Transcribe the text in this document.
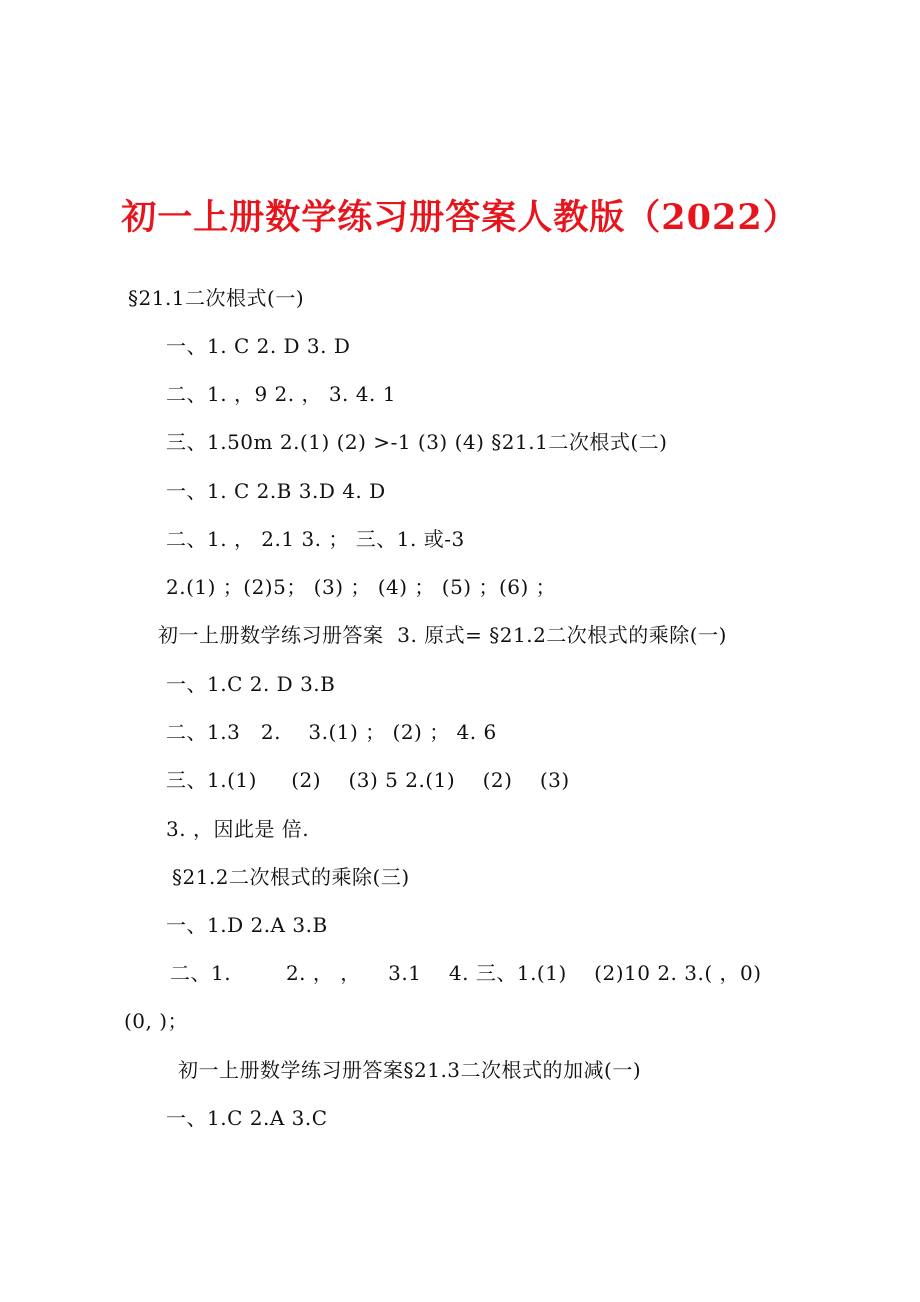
初一上册数学练习册答案人教版（2022）
§21.1二次根式(一)
一、1. C 2. D 3. D
二、1. ，9 2. ， 3. 4. 1
三、1.50m 2.(1) (2) >-1 (3) (4) §21.1二次根式(二)
一、1. C 2.B 3.D 4. D
二、1. ， 2.1 3. ； 三、1. 或-3
2.(1) ；(2)5； (3) ； (4) ； (5) ；(6) ；
初一上册数学练习册答案  3. 原式= §21.2二次根式的乘除(一)
一、1.C 2. D 3.B
二、1.3   2.    3.(1) ； (2) ； 4. 6
三、1.(1)     (2)    (3) 5 2.(1)    (2)    (3)
3. ，因此是 倍.
§21.2二次根式的乘除(三)
一、1.D 2.A 3.B
二、1.        2. ， ，    3.1    4. 三、1.(1)    (2)10 2. 3.( ，0)
(0, )；
初一上册数学练习册答案§21.3二次根式的加减(一)
一、1.C 2.A 3.C
